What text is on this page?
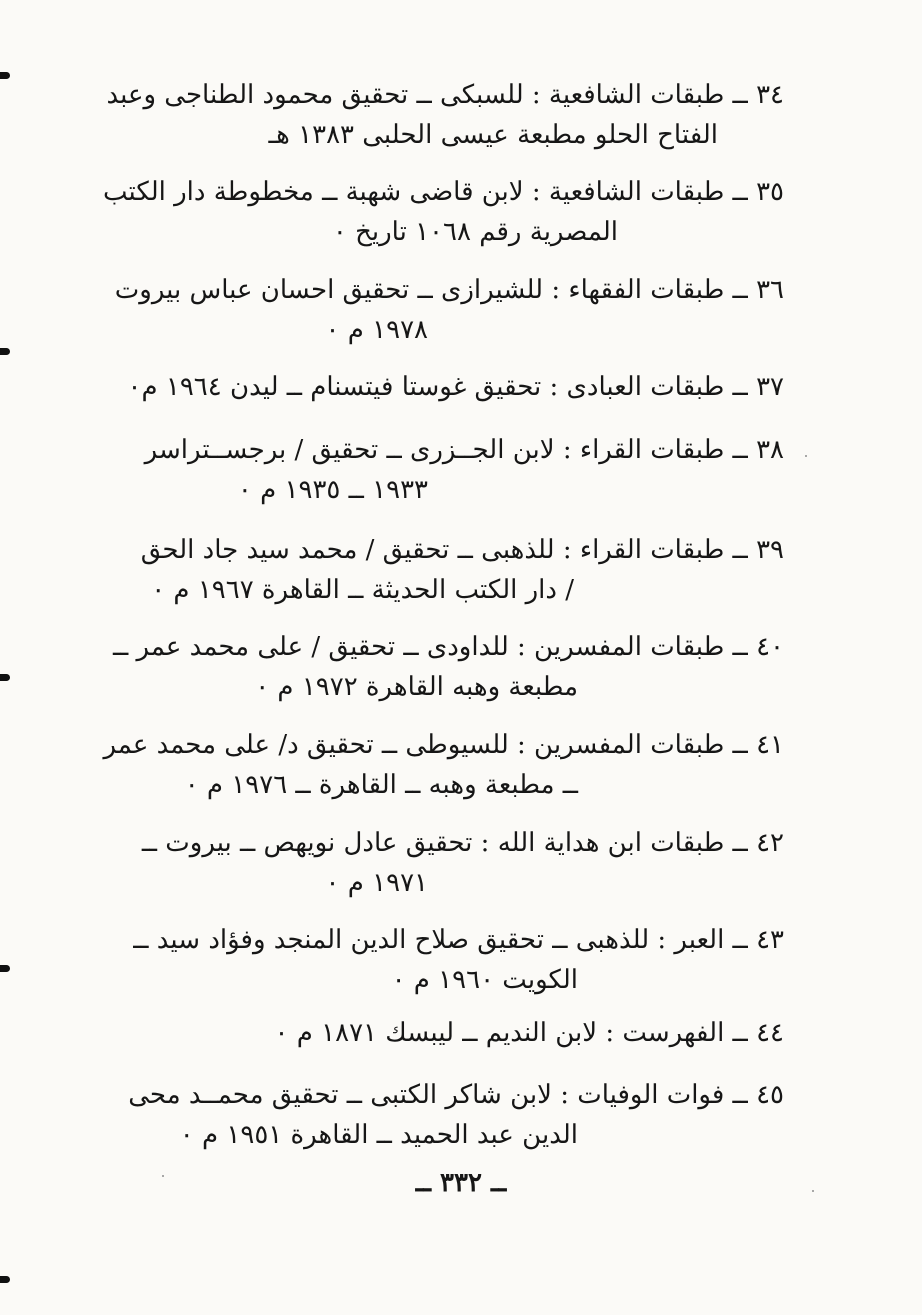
٣٤ ــ طبقات الشافعية : للسبكى ــ تحقيق محمود الطناجى وعبد
الفتاح الحلو مطبعة عيسى الحلبى ١٣٨٣ هـ
٣٥ ــ طبقات الشافعية : لابن قاضى شهبة ــ مخطوطة دار الكتب
المصرية رقم ١٠٦٨ تاريخ ٠
٣٦ ــ طبقات الفقهاء : للشيرازى ــ تحقيق احسان عباس بيروت
١٩٧٨ م ٠
٣٧ ــ طبقات العبادى : تحقيق غوستا فيتسنام ــ ليدن ١٩٦٤ م٠
٣٨ ــ طبقات القراء : لابن الجــزرى ــ تحقيق / برجســتراسر
١٩٣٣ ــ ١٩٣٥ م ٠
٣٩ ــ طبقات القراء : للذهبى ــ تحقيق / محمد سيد جاد الحق
/ دار الكتب الحديثة ــ القاهرة ١٩٦٧ م ٠
٤٠ ــ طبقات المفسرين : للداودى ــ تحقيق / على محمد عمر ــ
مطبعة وهبه القاهرة ١٩٧٢ م ٠
٤١ ــ طبقات المفسرين : للسيوطى ــ تحقيق د/ على محمد عمر
ــ مطبعة وهبه ــ القاهرة ــ ١٩٧٦ م ٠
٤٢ ــ طبقات ابن هداية الله : تحقيق عادل نويهص ــ بيروت ــ
١٩٧١ م ٠
٤٣ ــ العبر : للذهبى ــ تحقيق صلاح الدين المنجد وفؤاد سيد ــ
الكويت ١٩٦٠ م ٠
٤٤ ــ الفهرست : لابن النديم ــ ليبسك ١٨٧١ م ٠
٤٥ ــ فوات الوفيات : لابن شاكر الكتبى ــ تحقيق محمــد محى
الدين عبد الحميد ــ القاهرة ١٩٥١ م ٠
ــ ٣٣٢ ــ
